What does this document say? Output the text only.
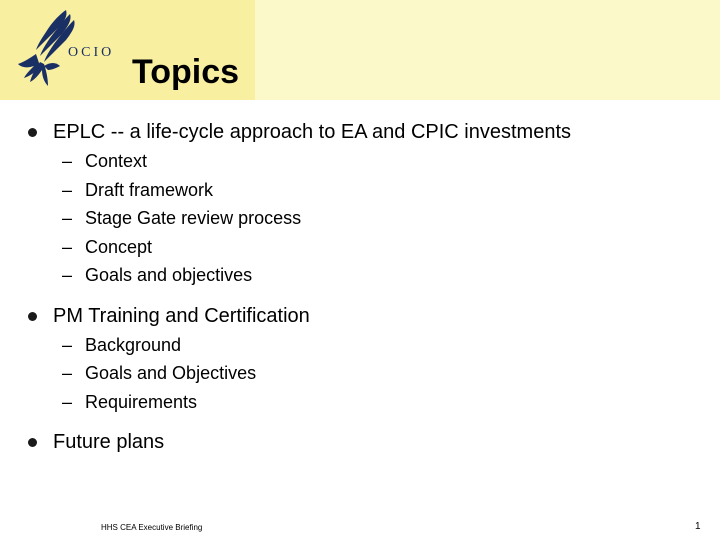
OCIO
Topics
EPLC -- a life-cycle approach to EA and CPIC investments
– Context
– Draft framework
– Stage Gate review process
– Concept
– Goals and objectives
PM Training and Certification
– Background
– Goals and Objectives
– Requirements
Future plans
HHS CEA Executive Briefing	1
